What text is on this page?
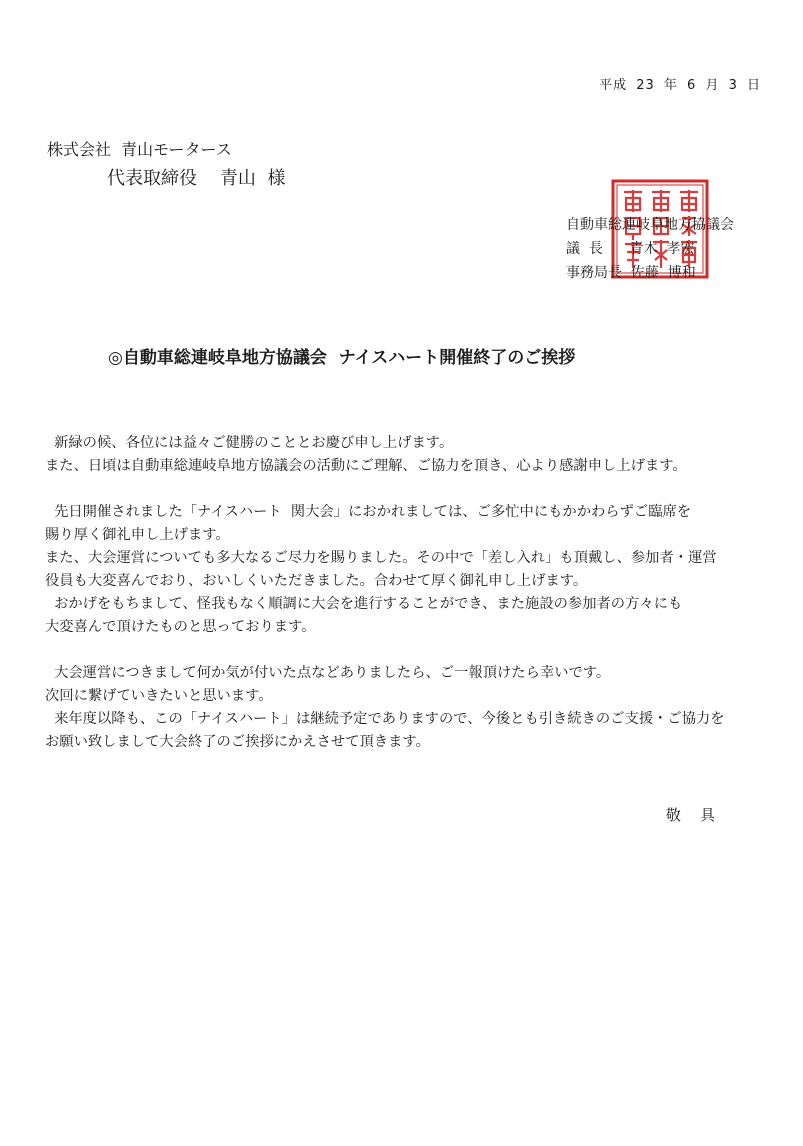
平成 23 年 6 月 3 日
株式会社  青山モータース
代表取締役    青山  様
自動車総連岐阜地方協議会
議  長      青木  孝宏
事務局長  佐藤  博和
◎自動車総連岐阜地方協議会  ナイスハート開催終了のご挨拶

新緑の候、各位には益々ご健勝のこととお慶び申し上げます。

また、日頃は自動車総連岐阜地方協議会の活動にご理解、ご協力を頂き、心より感謝申し上げます。

先日開催されました「ナイスハート  関大会」におかれましては、ご多忙中にもかかわらずご臨席を

賜り厚く御礼申し上げます。

また、大会運営についても多大なるご尽力を賜りました。その中で「差し入れ」も頂戴し、参加者・運営

役員も大変喜んでおり、おいしくいただきました。合わせて厚く御礼申し上げます。

おかげをもちまして、怪我もなく順調に大会を進行することができ、また施設の参加者の方々にも

大変喜んで頂けたものと思っております。

大会運営につきまして何か気が付いた点などありましたら、ご一報頂けたら幸いです。

次回に繋げていきたいと思います。

来年度以降も、この「ナイスハート」は継続予定でありますので、今後とも引き続きのご支援・ご協力を

お願い致しまして大会終了のご挨拶にかえさせて頂きます。

敬    具
